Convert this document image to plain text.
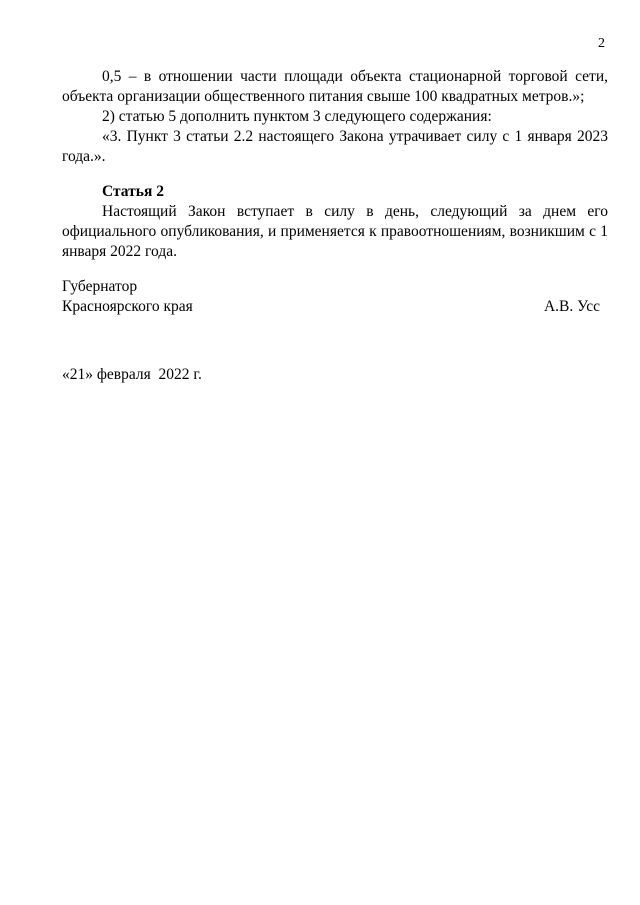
2

0,5 – в отношении части площади объекта стационарной торговой сети, объекта организации общественного питания свыше 100 квадратных метров.»;

2) статью 5 дополнить пунктом 3 следующего содержания:

«3. Пункт 3 статьи 2.2 настоящего Закона утрачивает силу с 1 января 2023 года.».

Статья 2

Настоящий Закон вступает в силу в день, следующий за днем его официального опубликования, и применяется к правоотношениям, возникшим с 1 января 2022 года.

Губернатор
Красноярского края	А.В. Усс
«21» февраля  2022 г.
